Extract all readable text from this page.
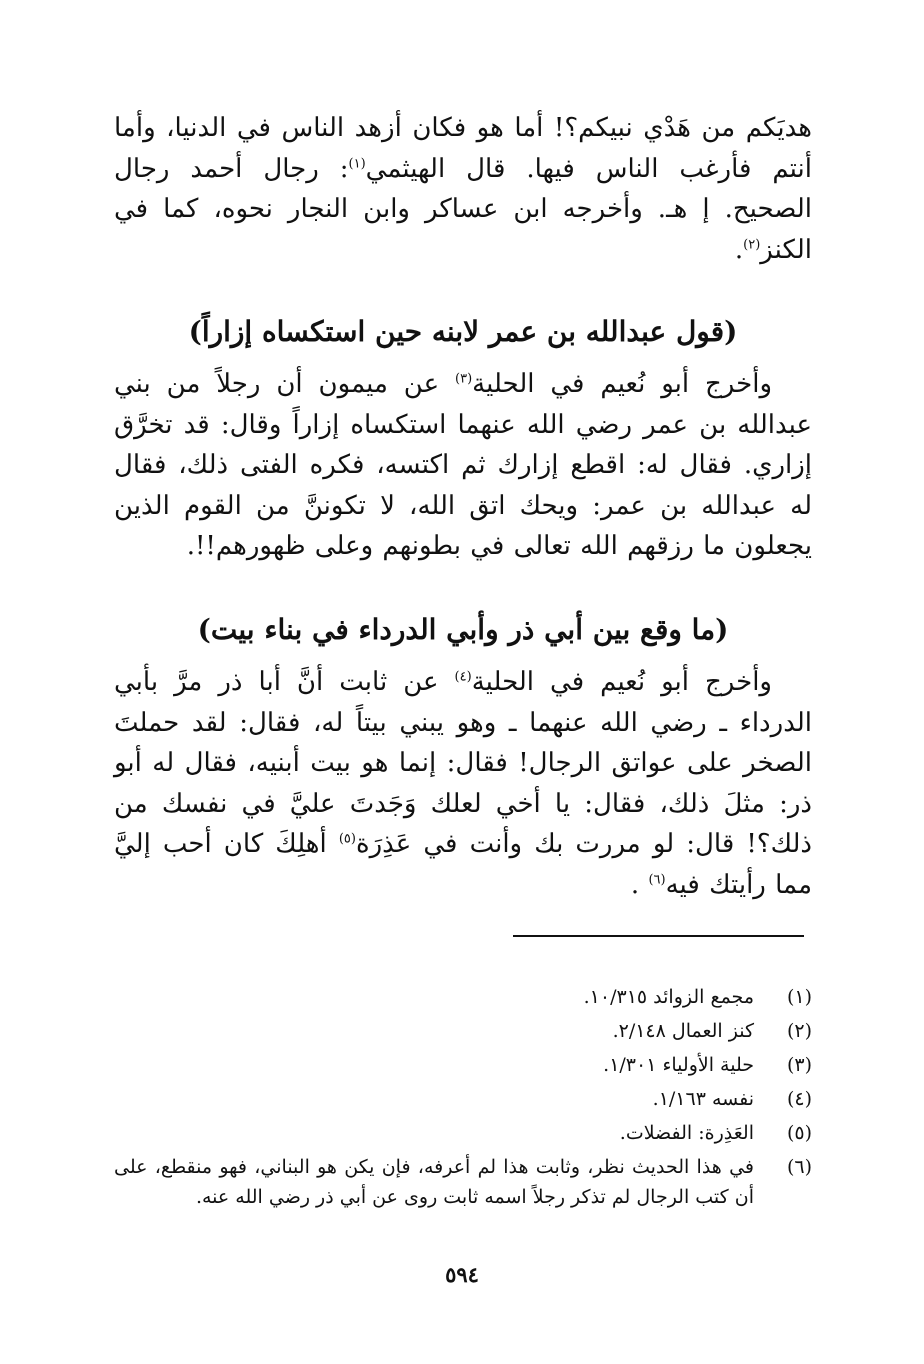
هديَكم من هَدْي نبيكم؟! أما هو فكان أزهد الناس في الدنيا، وأما أنتم فأرغب الناس فيها. قال الهيثمي$^{(١)}$: رجال أحمد رجال الصحيح. إ هـ. وأخرجه ابن عساكر وابن النجار نحوه، كما في الكنز$^{(٢)}$.

(قول عبدالله بن عمر لابنه حين استكساه إزاراً)

وأخرج أبو نُعيم في الحلية$^{(٣)}$ عن ميمون أن رجلاً من بني عبدالله بن عمر رضي الله عنهما استكساه إزاراً وقال: قد تخرَّق إزاري. فقال له: اقطع إزارك ثم اكتسه، فكره الفتى ذلك، فقال له عبدالله بن عمر: ويحك اتق الله، لا تكوننَّ من القوم الذين يجعلون ما رزقهم الله تعالى في بطونهم وعلى ظهورهم!!.

(ما وقع بين أبي ذر وأبي الدرداء في بناء بيت)

وأخرج أبو نُعيم في الحلية$^{(٤)}$ عن ثابت أنَّ أبا ذر مرَّ بأبي الدرداء ـ رضي الله عنهما ـ وهو يبني بيتاً له، فقال: لقد حملتَ الصخر على عواتق الرجال! فقال: إنما هو بيت أبنيه، فقال له أبو ذر: مثلَ ذلك، فقال: يا أخي لعلك وَجَدتَ عليَّ في نفسك من ذلك؟! قال: لو مررت بك وأنت في عَذِرَة$^{(٥)}$ أهلِكَ كان أحب إليَّ مما رأيتك فيه$^{(٦)}$ .

(١)
مجمع الزوائد ١٠/٣١٥.
(٢)
كنز العمال ٢/١٤٨.
(٣)
حلية الأولياء ١/٣٠١.
(٤)
نفسه ١/١٦٣.
(٥)
العَذِرة: الفضلات.
(٦)
في هذا الحديث نظر، وثابت هذا لم أعرفه، فإن يكن هو البناني، فهو منقطع، على أن كتب الرجال لم تذكر رجلاً اسمه ثابت روى عن أبي ذر رضي الله عنه.
٥٩٤
